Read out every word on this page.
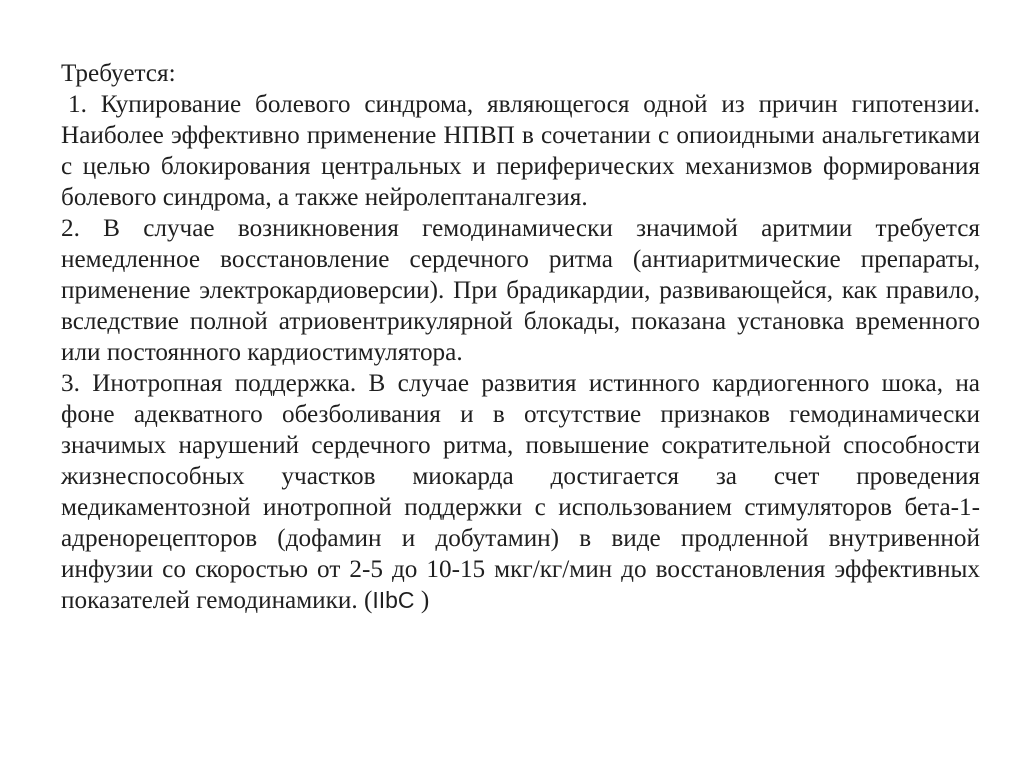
Требуется:

1. Купирование болевого синдрома, являющегося одной из причин гипотензии. Наиболее эффективно применение НПВП в сочетании с опиоидными анальгетиками с целью блокирования центральных и периферических механизмов формирования болевого синдрома, а также нейролептаналгезия.

2. В случае возникновения гемодинамически значимой аритмии требуется немедленное восстановление сердечного ритма (антиаритмические препараты, применение электрокардиоверсии). При брадикардии, развивающейся, как правило, вследствие полной атриовентрикулярной блокады, показана установка временного или постоянного кардиостимулятора.

3. Инотропная поддержка. В случае развития истинного кардиогенного шока, на фоне адекватного обезболивания и в отсутствие признаков гемодинамически значимых нарушений сердечного ритма, повышение сократительной способности жизнеспособных участков миокарда достигается за счет проведения медикаментозной инотропной поддержки с использованием стимуляторов бета-1-адренорецепторов (дофамин и добутамин) в виде продленной внутривенной инфузии со скоростью от 2-5 до 10-15 мкг/кг/мин до восстановления эффективных показателей гемодинамики. (IIbC )
